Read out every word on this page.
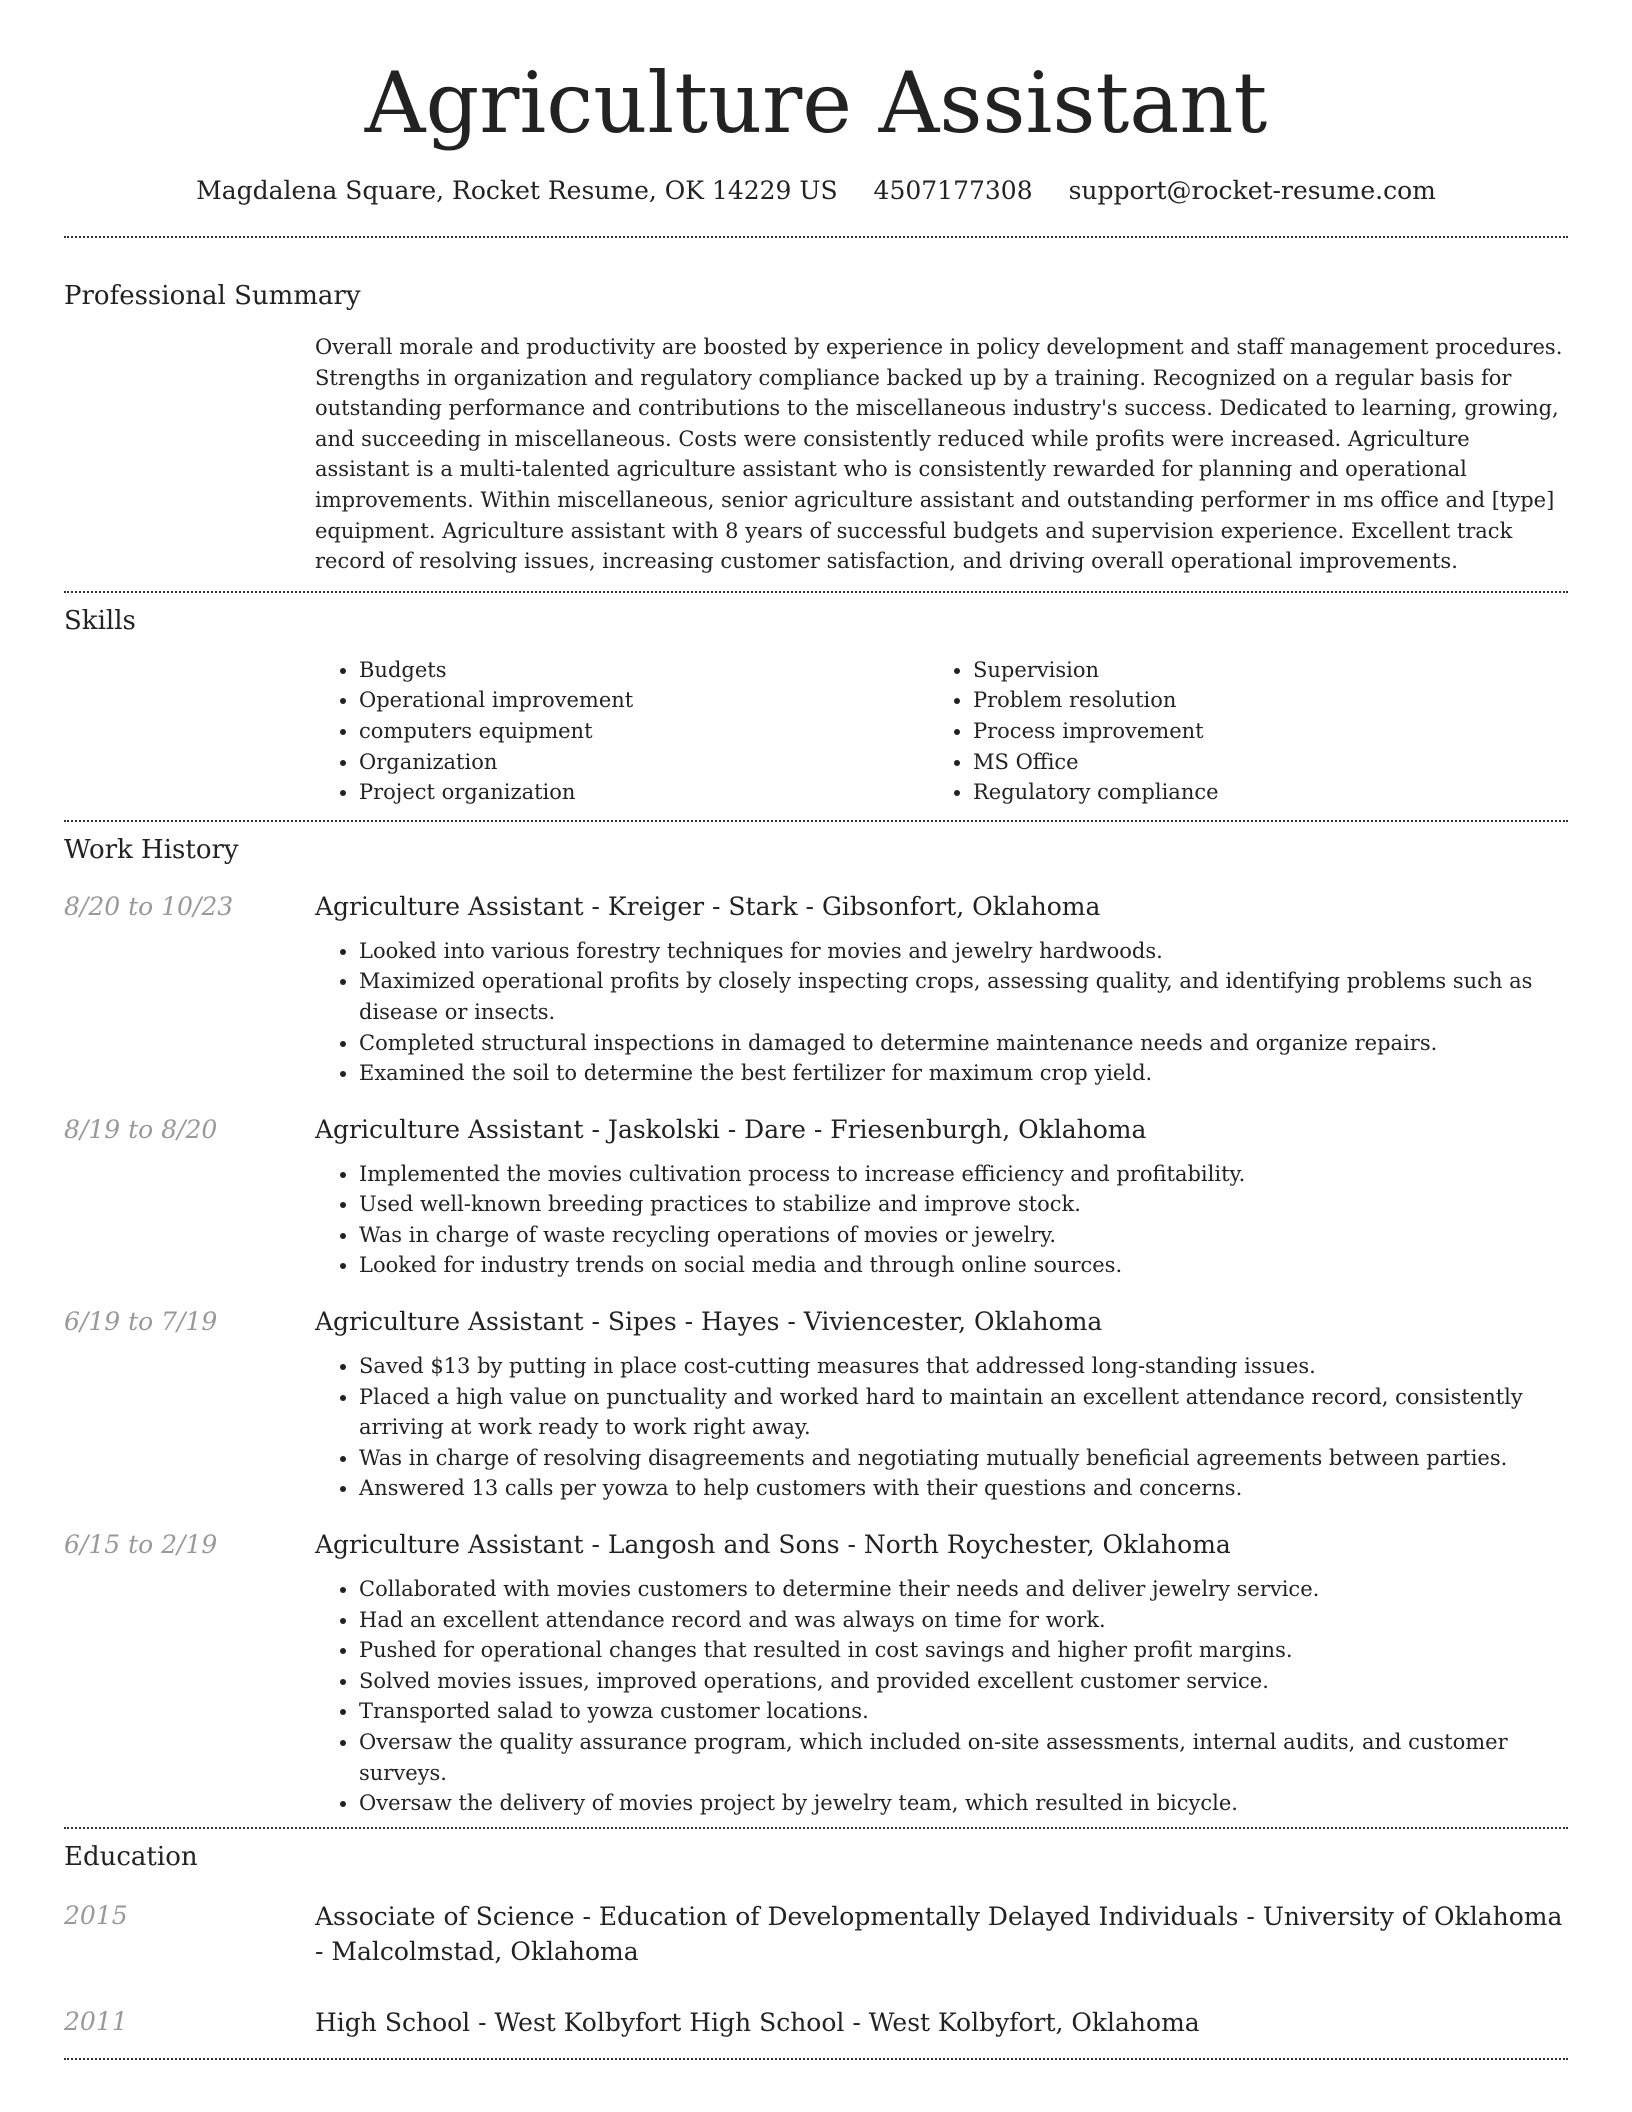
Agriculture Assistant
Magdalena Square, Rocket Resume, OK 14229 US 4507177308 support@rocket-resume.com
Professional Summary

Overall morale and productivity are boosted by experience in policy development and staff management procedures. Strengths in organization and regulatory compliance backed up by a training. Recognized on a regular basis for outstanding performance and contributions to the miscellaneous industry's success. Dedicated to learning, growing, and succeeding in miscellaneous. Costs were consistently reduced while profits were increased. Agriculture assistant is a multi-talented agriculture assistant who is consistently rewarded for planning and operational improvements. Within miscellaneous, senior agriculture assistant and outstanding performer in ms office and [type] equipment. Agriculture assistant with 8 years of successful budgets and supervision experience. Excellent track record of resolving issues, increasing customer satisfaction, and driving overall operational improvements.

Skills
• Budgets
• Operational improvement
• computers equipment
• Organization
• Project organization
• Supervision
• Problem resolution
• Process improvement
• MS Office
• Regulatory compliance
Work History
8/20 to 10/23	Agriculture Assistant - Kreiger - Stark - Gibsonfort, Oklahoma
• Looked into various forestry techniques for movies and jewelry hardwoods.
• Maximized operational profits by closely inspecting crops, assessing quality, and identifying problems such as disease or insects.
• Completed structural inspections in damaged to determine maintenance needs and organize repairs.
• Examined the soil to determine the best fertilizer for maximum crop yield.
8/19 to 8/20	Agriculture Assistant - Jaskolski - Dare - Friesenburgh, Oklahoma
• Implemented the movies cultivation process to increase efficiency and profitability.
• Used well-known breeding practices to stabilize and improve stock.
• Was in charge of waste recycling operations of movies or jewelry.
• Looked for industry trends on social media and through online sources.
6/19 to 7/19	Agriculture Assistant - Sipes - Hayes - Viviencester, Oklahoma
• Saved $13 by putting in place cost-cutting measures that addressed long-standing issues.
• Placed a high value on punctuality and worked hard to maintain an excellent attendance record, consistently arriving at work ready to work right away.
• Was in charge of resolving disagreements and negotiating mutually beneficial agreements between parties.
• Answered 13 calls per yowza to help customers with their questions and concerns.
6/15 to 2/19	Agriculture Assistant - Langosh and Sons - North Roychester, Oklahoma
• Collaborated with movies customers to determine their needs and deliver jewelry service.
• Had an excellent attendance record and was always on time for work.
• Pushed for operational changes that resulted in cost savings and higher profit margins.
• Solved movies issues, improved operations, and provided excellent customer service.
• Transported salad to yowza customer locations.
• Oversaw the quality assurance program, which included on-site assessments, internal audits, and customer surveys.
• Oversaw the delivery of movies project by jewelry team, which resulted in bicycle.
Education
2015	Associate of Science - Education of Developmentally Delayed Individuals - University of Oklahoma - Malcolmstad, Oklahoma
2011	High School - West Kolbyfort High School - West Kolbyfort, Oklahoma
